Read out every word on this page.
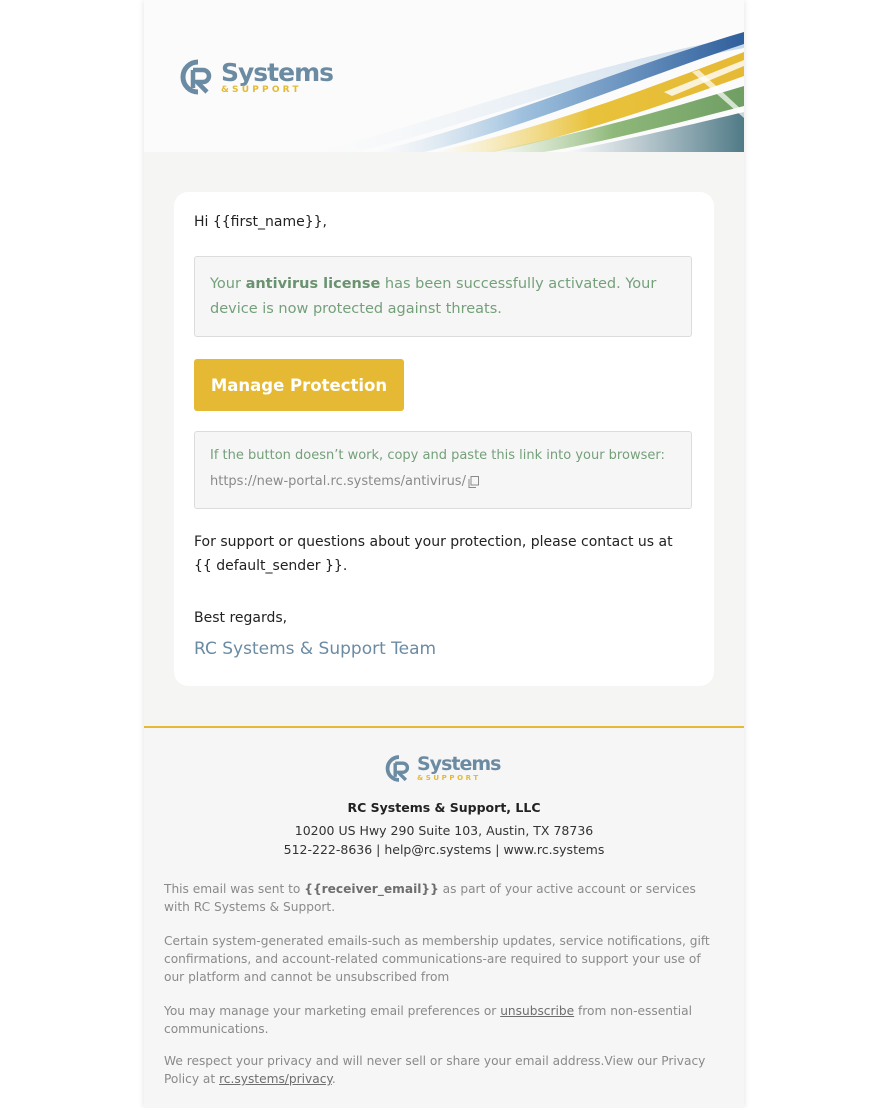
Systems
&SUPPORT

Hi {{first_name}},

Your antivirus license has been successfully activated. Your device is now protected against threats.
Manage Protection
If the button doesn’t work, copy and paste this link into your browser:
https://new-portal.rc.systems/antivirus/

For support or questions about your protection, please contact us at {{ default_sender }}.

Best regards,

RC Systems & Support Team

Systems
&SUPPORT
RC Systems & Support, LLC
10200 US Hwy 290 Suite 103, Austin, TX 78736
512-222-8636 | help@rc.systems | www.rc.systems

This email was sent to {{receiver_email}} as part of your active account or services with RC Systems & Support.

Certain system-generated emails-such as membership updates, service notifications, gift confirmations, and account-related communications-are required to support your use of our platform and cannot be unsubscribed from

You may manage your marketing email preferences or unsubscribe from non-essential communications.

We respect your privacy and will never sell or share your email address.View our Privacy Policy at rc.systems/privacy.
